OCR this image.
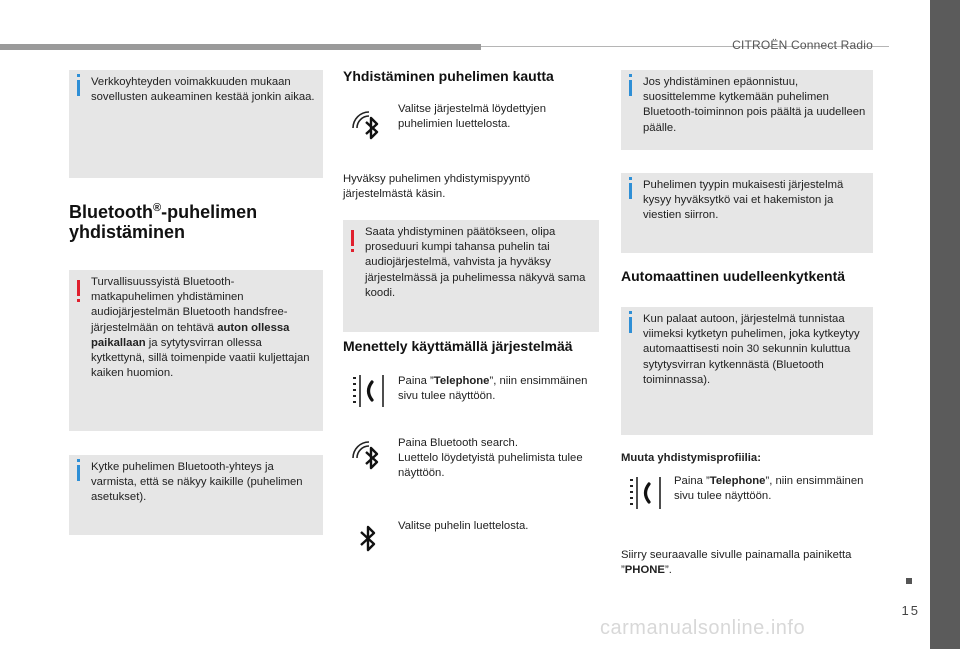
CITROËN Connect Radio
15
carmanualsonline.info
Verkkoyhteyden voimakkuuden mukaan sovellusten aukeaminen kestää jonkin aikaa.
Bluetooth®-puhelimen
yhdistäminen
Turvallisuussyistä Bluetooth-matkapuhelimen yhdistäminen audiojärjestelmän Bluetooth handsfree-järjestelmään on tehtävä auton ollessa paikallaan ja sytytysvirran ollessa kytkettynä, sillä toimenpide vaatii kuljettajan kaiken huomion.
Kytke puhelimen Bluetooth-yhteys ja varmista, että se näkyy kaikille (puhelimen asetukset).
Yhdistäminen puhelimen kautta
Valitse järjestelmä löydettyjen puhelimien luettelosta.
Hyväksy puhelimen yhdistymispyyntö järjestelmästä käsin.
Saata yhdistyminen päätökseen, olipa proseduuri kumpi tahansa puhelin tai audiojärjestelmä, vahvista ja hyväksy järjestelmässä ja puhelimessa näkyvä sama koodi.
Menettely käyttämällä järjestelmää
Paina ”Telephone”, niin ensimmäinen sivu tulee näyttöön.
Paina Bluetooth search.
Luettelo löydetyistä puhelimista tulee näyttöön.
Valitse puhelin luettelosta.
Jos yhdistäminen epäonnistuu, suosittelemme kytkemään puhelimen Bluetooth-toiminnon pois päältä ja uudelleen päälle.
Puhelimen tyypin mukaisesti järjestelmä kysyy hyväksytkö vai et hakemiston ja viestien siirron.
Automaattinen uudelleenkytkentä
Kun palaat autoon, järjestelmä tunnistaa viimeksi kytketyn puhelimen, joka kytkeytyy automaattisesti noin 30 sekunnin kuluttua sytytysvirran kytkennästä (Bluetooth toiminnassa).
Muuta yhdistymisprofiilia:
Paina ”Telephone”, niin ensimmäinen sivu tulee näyttöön.
Siirry seuraavalle sivulle painamalla painiketta ”PHONE”.
